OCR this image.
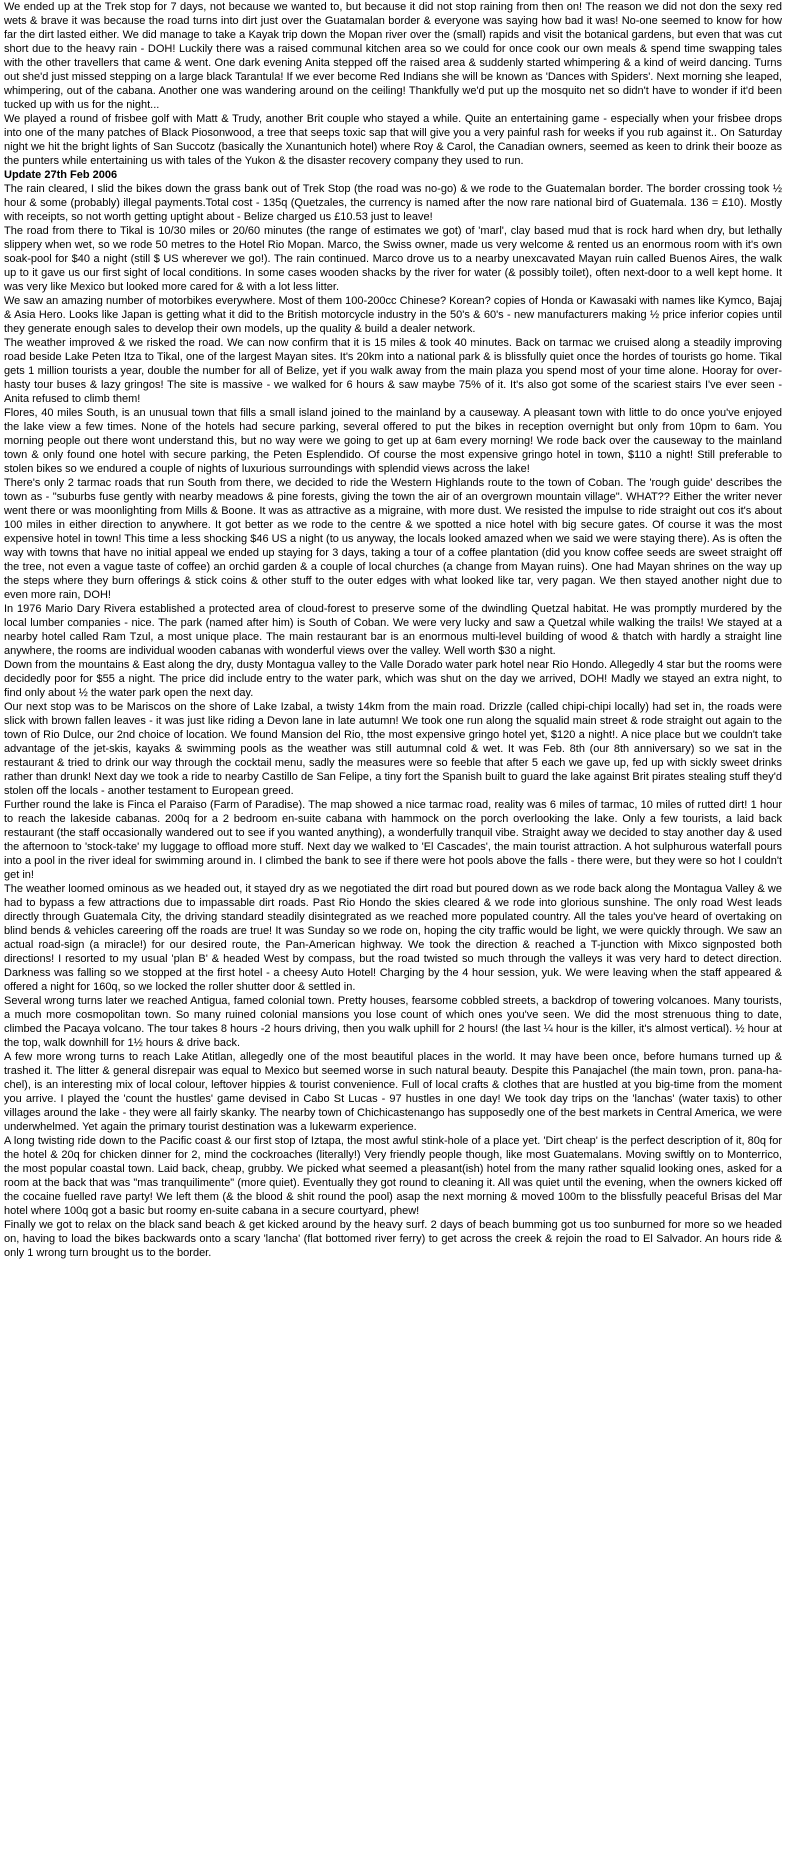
We ended up at the Trek stop for 7 days, not because we wanted to, but because it did not stop raining from then on! The reason we did not don the sexy red wets & brave it was because the road turns into dirt just over the Guatamalan border & everyone was saying how bad it was! No-one seemed to know for how far the dirt lasted either. We did manage to take a Kayak trip down the Mopan river over the (small) rapids and visit the botanical gardens, but even that was cut short due to the heavy rain - DOH! Luckily there was a raised communal kitchen area so we could for once cook our own meals & spend time swapping tales with the other travellers that came & went. One dark evening Anita stepped off the raised area & suddenly started whimpering & a kind of weird dancing. Turns out she'd just missed stepping on a large black Tarantula! If we ever become Red Indians she will be known as 'Dances with Spiders'. Next morning she leaped, whimpering, out of the cabana. Another one was wandering around on the ceiling! Thankfully we'd put up the mosquito net so didn't have to wonder if it'd been tucked up with us for the night...

We played a round of frisbee golf with Matt & Trudy, another Brit couple who stayed a while. Quite an entertaining game - especially when your frisbee drops into one of the many patches of Black Piosonwood, a tree that seeps toxic sap that will give you a very painful rash for weeks if you rub against it.. On Saturday night we hit the bright lights of San Succotz (basically the Xunantunich hotel) where Roy & Carol, the Canadian owners, seemed as keen to drink their booze as the punters while entertaining us with tales of the Yukon & the disaster recovery company they used to run.

Update 27th Feb 2006

The rain cleared, I slid the bikes down the grass bank out of Trek Stop (the road was no-go) & we rode to the Guatemalan border. The border crossing took ½ hour & some (probably) illegal payments.Total cost - 135q (Quetzales, the currency is named after the now rare national bird of Guatemala. 136 = £10). Mostly with receipts, so not worth getting uptight about - Belize charged us £10.53 just to leave!

The road from there to Tikal is 10/30 miles or 20/60 minutes (the range of estimates we got) of 'marl', clay based mud that is rock hard when dry, but lethally slippery when wet, so we rode 50 metres to the Hotel Rio Mopan. Marco, the Swiss owner, made us very welcome & rented us an enormous room with it's own soak-pool for $40 a night (still $ US wherever we go!). The rain continued. Marco drove us to a nearby unexcavated Mayan ruin called Buenos Aires, the walk up to it gave us our first sight of local conditions. In some cases wooden shacks by the river for water (& possibly toilet), often next-door to a well kept home. It was very like Mexico but looked more cared for & with a lot less litter.

We saw an amazing number of motorbikes everywhere. Most of them 100-200cc Chinese? Korean? copies of Honda or Kawasaki with names like Kymco, Bajaj & Asia Hero. Looks like Japan is getting what it did to the British motorcycle industry in the 50's & 60's - new manufacturers making ½ price inferior copies until they generate enough sales to develop their own models, up the quality & build a dealer network.

The weather improved & we risked the road. We can now confirm that it is 15 miles & took 40 minutes. Back on tarmac we cruised along a steadily improving road beside Lake Peten Itza to Tikal, one of the largest Mayan sites. It's 20km into a national park & is blissfully quiet once the hordes of tourists go home. Tikal gets 1 million tourists a year, double the number for all of Belize, yet if you walk away from the main plaza you spend most of your time alone. Hooray for over-hasty tour buses & lazy gringos! The site is massive - we walked for 6 hours & saw maybe 75% of it. It's also got some of the scariest stairs I've ever seen - Anita refused to climb them!

Flores, 40 miles South, is an unusual town that fills a small island joined to the mainland by a causeway. A pleasant town with little to do once you've enjoyed the lake view a few times. None of the hotels had secure parking, several offered to put the bikes in reception overnight but only from 10pm to 6am. You morning people out there wont understand this, but no way were we going to get up at 6am every morning! We rode back over the causeway to the mainland town & only found one hotel with secure parking, the Peten Esplendido. Of course the most expensive gringo hotel in town, $110 a night! Still preferable to stolen bikes so we endured a couple of nights of luxurious surroundings with splendid views across the lake!

There's only 2 tarmac roads that run South from there, we decided to ride the Western Highlands route to the town of Coban. The 'rough guide' describes the town as - "suburbs fuse gently with nearby meadows & pine forests, giving the town the air of an overgrown mountain village". WHAT?? Either the writer never went there or was moonlighting from Mills & Boone. It was as attractive as a migraine, with more dust. We resisted the impulse to ride straight out cos it's about 100 miles in either direction to anywhere. It got better as we rode to the centre & we spotted a nice hotel with big secure gates. Of course it was the most expensive hotel in town! This time a less shocking $46 US a night (to us anyway, the locals looked amazed when we said we were staying there). As is often the way with towns that have no initial appeal we ended up staying for 3 days, taking a tour of a coffee plantation (did you know coffee seeds are sweet straight off the tree, not even a vague taste of coffee) an orchid garden & a couple of local churches (a change from Mayan ruins). One had Mayan shrines on the way up the steps where they burn offerings & stick coins & other stuff to the outer edges with what looked like tar, very pagan. We then stayed another night due to even more rain, DOH!

In 1976 Mario Dary Rivera established a protected area of cloud-forest to preserve some of the dwindling Quetzal habitat. He was promptly murdered by the local lumber companies - nice. The park (named after him) is South of Coban. We were very lucky and saw a Quetzal while walking the trails! We stayed at a nearby hotel called Ram Tzul, a most unique place. The main restaurant bar is an enormous multi-level building of wood & thatch with hardly a straight line anywhere, the rooms are individual wooden cabanas with wonderful views over the valley. Well worth $30 a night.

Down from the mountains & East along the dry, dusty Montagua valley to the Valle Dorado water park hotel near Rio Hondo. Allegedly 4 star but the rooms were decidedly poor for $55 a night. The price did include entry to the water park, which was shut on the day we arrived, DOH! Madly we stayed an extra night, to find only about ½ the water park open the next day.

Our next stop was to be Mariscos on the shore of Lake Izabal, a twisty 14km from the main road. Drizzle (called chipi-chipi locally) had set in, the roads were slick with brown fallen leaves - it was just like riding a Devon lane in late autumn! We took one run along the squalid main street & rode straight out again to the town of Rio Dulce, our 2nd choice of location. We found Mansion del Rio, tthe most expensive gringo hotel yet, $120 a night!. A nice place but we couldn't take advantage of the jet-skis, kayaks & swimming pools as the weather was still autumnal cold & wet. It was Feb. 8th (our 8th anniversary) so we sat in the restaurant & tried to drink our way through the cocktail menu, sadly the measures were so feeble that after 5 each we gave up, fed up with sickly sweet drinks rather than drunk! Next day we took a ride to nearby Castillo de San Felipe, a tiny fort the Spanish built to guard the lake against Brit pirates stealing stuff they'd stolen off the locals - another testament to European greed.

Further round the lake is Finca el Paraiso (Farm of Paradise). The map showed a nice tarmac road, reality was 6 miles of tarmac, 10 miles of rutted dirt! 1 hour to reach the lakeside cabanas. 200q for a 2 bedroom en-suite cabana with hammock on the porch overlooking the lake. Only a few tourists, a laid back restaurant (the staff occasionally wandered out to see if you wanted anything), a wonderfully tranquil vibe. Straight away we decided to stay another day & used the afternoon to 'stock-take' my luggage to offload more stuff. Next day we walked to 'El Cascades', the main tourist attraction. A hot sulphurous waterfall pours into a pool in the river ideal for swimming around in. I climbed the bank to see if there were hot pools above the falls - there were, but they were so hot I couldn't get in!

The weather loomed ominous as we headed out, it stayed dry as we negotiated the dirt road but poured down as we rode back along the Montagua Valley & we had to bypass a few attractions due to impassable dirt roads. Past Rio Hondo the skies cleared & we rode into glorious sunshine. The only road West leads directly through Guatemala City, the driving standard steadily disintegrated as we reached more populated country. All the tales you've heard of overtaking on blind bends & vehicles careering off the roads are true! It was Sunday so we rode on, hoping the city traffic would be light, we were quickly through. We saw an actual road-sign (a miracle!) for our desired route, the Pan-American highway. We took the direction & reached a T-junction with Mixco signposted both directions! I resorted to my usual 'plan B' & headed West by compass, but the road twisted so much through the valleys it was very hard to detect direction. Darkness was falling so we stopped at the first hotel - a cheesy Auto Hotel! Charging by the 4 hour session, yuk. We were leaving when the staff appeared & offered a night for 160q, so we locked the roller shutter door & settled in.

Several wrong turns later we reached Antigua, famed colonial town. Pretty houses, fearsome cobbled streets, a backdrop of towering volcanoes. Many tourists, a much more cosmopolitan town. So many ruined colonial mansions you lose count of which ones you've seen. We did the most strenuous thing to date, climbed the Pacaya volcano. The tour takes 8 hours -2 hours driving, then you walk uphill for 2 hours! (the last ¼ hour is the killer, it's almost vertical). ½ hour at the top, walk downhill for 1½ hours & drive back.

A few more wrong turns to reach Lake Atitlan, allegedly one of the most beautiful places in the world. It may have been once, before humans turned up & trashed it. The litter & general disrepair was equal to Mexico but seemed worse in such natural beauty. Despite this Panajachel (the main town, pron. pana-ha-chel), is an interesting mix of local colour, leftover hippies & tourist convenience. Full of local crafts & clothes that are hustled at you big-time from the moment you arrive. I played the 'count the hustles' game devised in Cabo St Lucas - 97 hustles in one day! We took day trips on the 'lanchas' (water taxis) to other villages around the lake - they were all fairly skanky. The nearby town of Chichicastenango has supposedly one of the best markets in Central America, we were underwhelmed. Yet again the primary tourist destination was a lukewarm experience.

A long twisting ride down to the Pacific coast & our first stop of Iztapa, the most awful stink-hole of a place yet. 'Dirt cheap' is the perfect description of it, 80q for the hotel & 20q for chicken dinner for 2, mind the cockroaches (literally!) Very friendly people though, like most Guatemalans. Moving swiftly on to Monterrico, the most popular coastal town. Laid back, cheap, grubby. We picked what seemed a pleasant(ish) hotel from the many rather squalid looking ones, asked for a room at the back that was "mas tranquilimente" (more quiet). Eventually they got round to cleaning it. All was quiet until the evening, when the owners kicked off the cocaine fuelled rave party! We left them (& the blood & shit round the pool) asap the next morning & moved 100m to the blissfully peaceful Brisas del Mar hotel where 100q got a basic but roomy en-suite cabana in a secure courtyard, phew!

Finally we got to relax on the black sand beach & get kicked around by the heavy surf. 2 days of beach bumming got us too sunburned for more so we headed on, having to load the bikes backwards onto a scary 'lancha' (flat bottomed river ferry) to get across the creek & rejoin the road to El Salvador. An hours ride & only 1 wrong turn brought us to the border.
